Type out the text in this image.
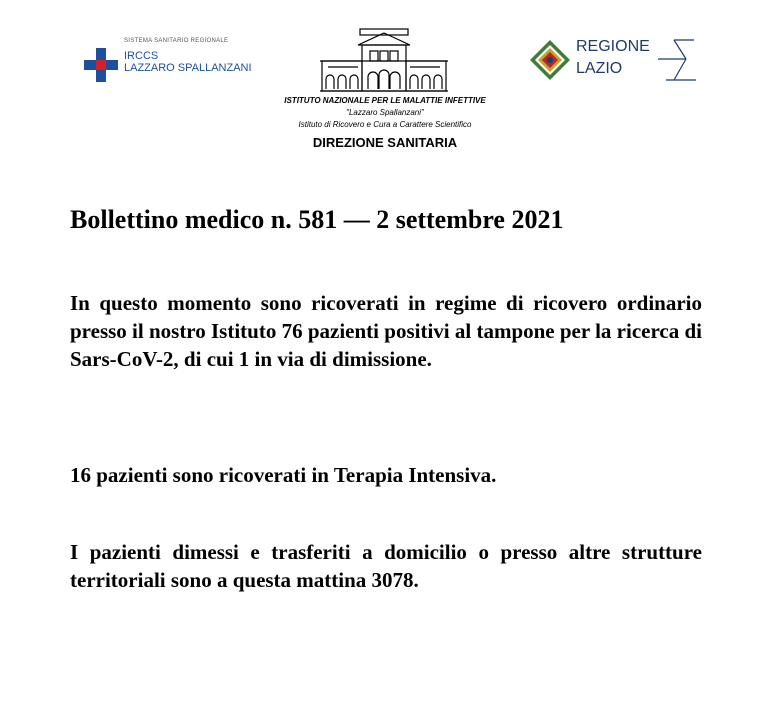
SISTEMA SANITARIO REGIONALE
IRCCS
LAZZARO SPALLANZANI
ISTITUTO NAZIONALE PER LE MALATTIE INFETTIVE
"Lazzaro Spallanzani"
Istituto di Ricovero e Cura a Carattere Scientifico
DIREZIONE SANITARIA
REGIONE
LAZIO
Bollettino medico n. 581 — 2 settembre 2021

In questo momento sono ricoverati in regime di ricovero ordinario presso il nostro Istituto 76 pazienti positivi al tampone per la ricerca di Sars-CoV-2, di cui 1 in via di dimissione.

16 pazienti sono ricoverati in Terapia Intensiva.

I pazienti dimessi e trasferiti a domicilio o presso altre strutture territoriali sono a questa mattina 3078.
